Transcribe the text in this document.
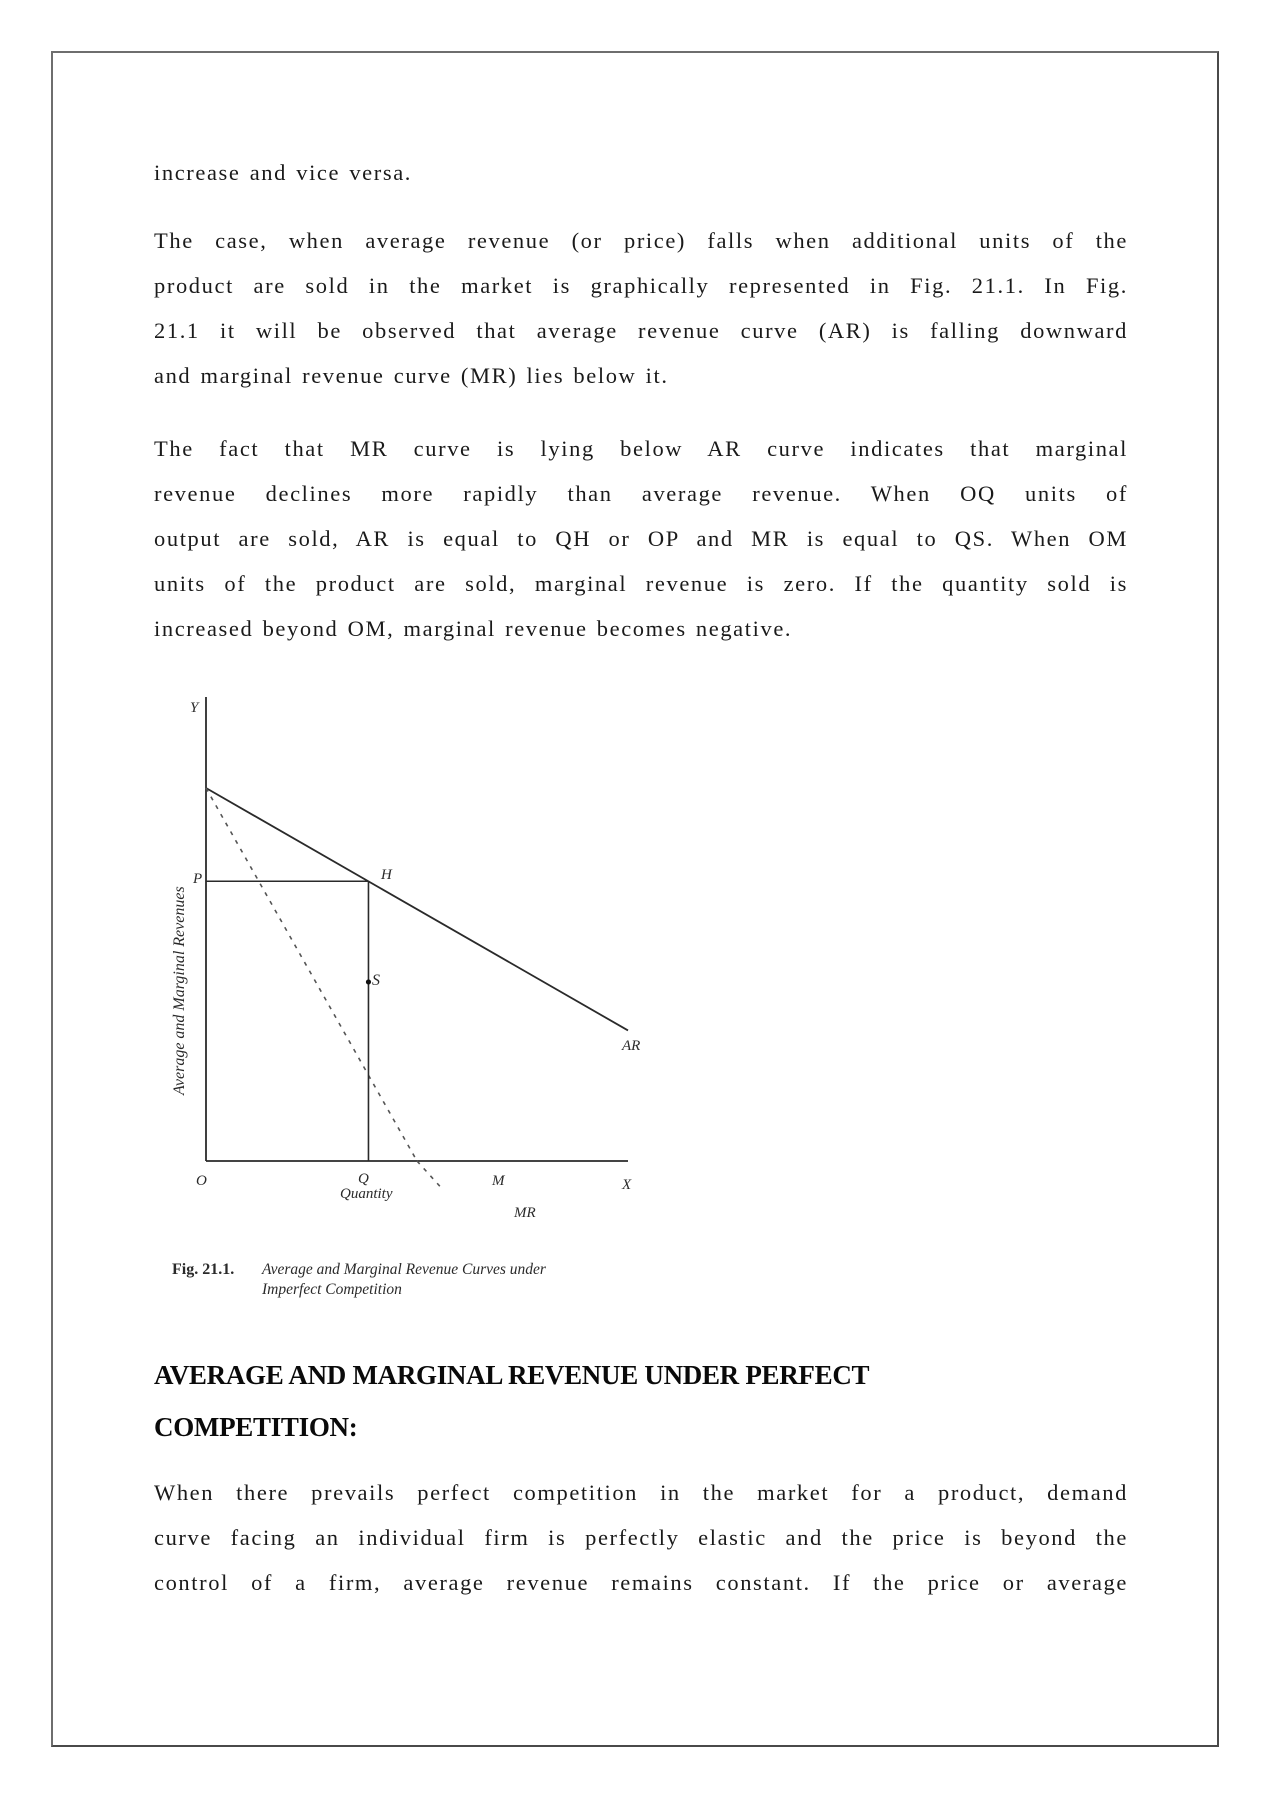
increase and vice versa.
The case, when average revenue (or price) falls when additional units of the
product are sold in the market is graphically represented in Fig. 21.1. In Fig.
21.1 it will be observed that average revenue curve (AR) is falling downward
and marginal revenue curve (MR) lies below it.
The fact that MR curve is lying below AR curve indicates that marginal
revenue declines more rapidly than average revenue. When OQ units of
output are sold, AR is equal to QH or OP and MR is equal to QS. When OM
units of the product are sold, marginal revenue is zero. If the quantity sold is
increased beyond OM, marginal revenue becomes negative.
Y
Average and Marginal Revenues
P	H
S
AR
O	Q
Quantity
M	X
MR
Fig. 21.1. Average and Marginal Revenue Curves under
Imperfect Competition
AVERAGE AND MARGINAL REVENUE UNDER PERFECT
COMPETITION:
When there prevails perfect competition in the market for a product, demand
curve facing an individual firm is perfectly elastic and the price is beyond the
control of a firm, average revenue remains constant. If the price or average
